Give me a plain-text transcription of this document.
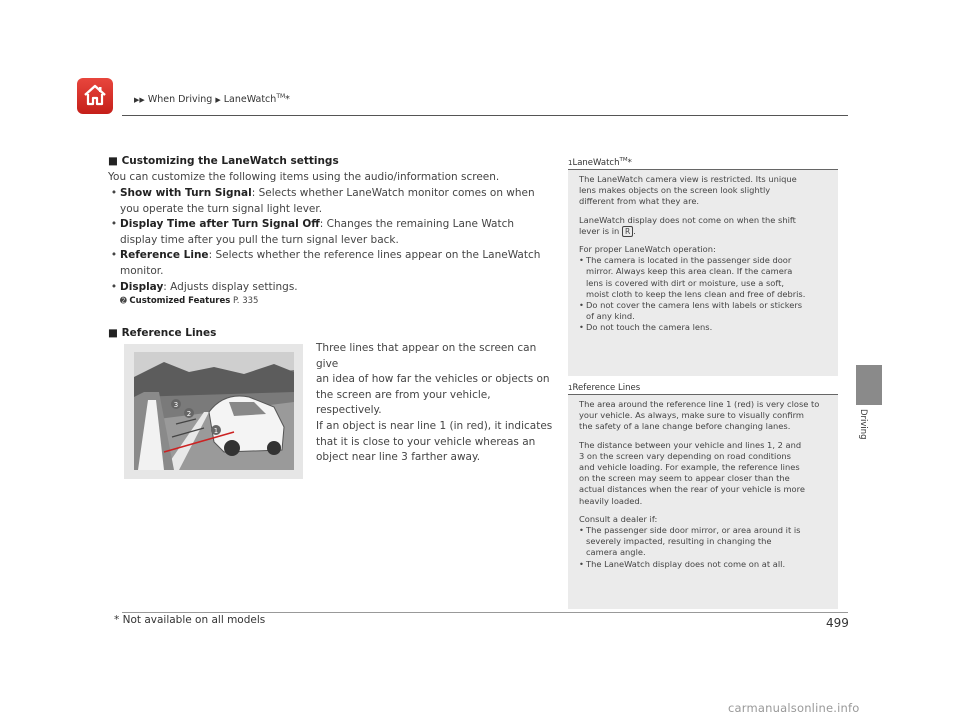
▶▶ When Driving ▶ LaneWatch™*
Driving
■ Customizing the LaneWatch settings
You can customize the following items using the audio/information screen.
• Show with Turn Signal: Selects whether LaneWatch monitor comes on when
you operate the turn signal light lever.
• Display Time after Turn Signal Off: Changes the remaining Lane Watch
display time after you pull the turn signal lever back.
• Reference Line: Selects whether the reference lines appear on the LaneWatch
monitor.
• Display: Adjusts display settings.
➋ Customized Features P. 335
■ Reference Lines
3
2
1
Three lines that appear on the screen can give
an idea of how far the vehicles or objects on
the screen are from your vehicle, respectively.
If an object is near line 1 (in red), it indicates
that it is close to your vehicle whereas an
object near line 3 farther away.
1LaneWatch™*
The LaneWatch camera view is restricted. Its unique
lens makes objects on the screen look slightly
different from what they are.
LaneWatch display does not come on when the shift
lever is in R .
For proper LaneWatch operation:
• The camera is located in the passenger side door
mirror. Always keep this area clean. If the camera
lens is covered with dirt or moisture, use a soft,
moist cloth to keep the lens clean and free of debris.
• Do not cover the camera lens with labels or stickers
of any kind.
• Do not touch the camera lens.
1Reference Lines
The area around the reference line 1 (red) is very close to
your vehicle. As always, make sure to visually confirm
the safety of a lane change before changing lanes.
The distance between your vehicle and lines 1, 2 and
3 on the screen vary depending on road conditions
and vehicle loading. For example, the reference lines
on the screen may seem to appear closer than the
actual distances when the rear of your vehicle is more
heavily loaded.
Consult a dealer if:
• The passenger side door mirror, or area around it is
severely impacted, resulting in changing the
camera angle.
• The LaneWatch display does not come on at all.
* Not available on all models	499
carmanualsonline.info
